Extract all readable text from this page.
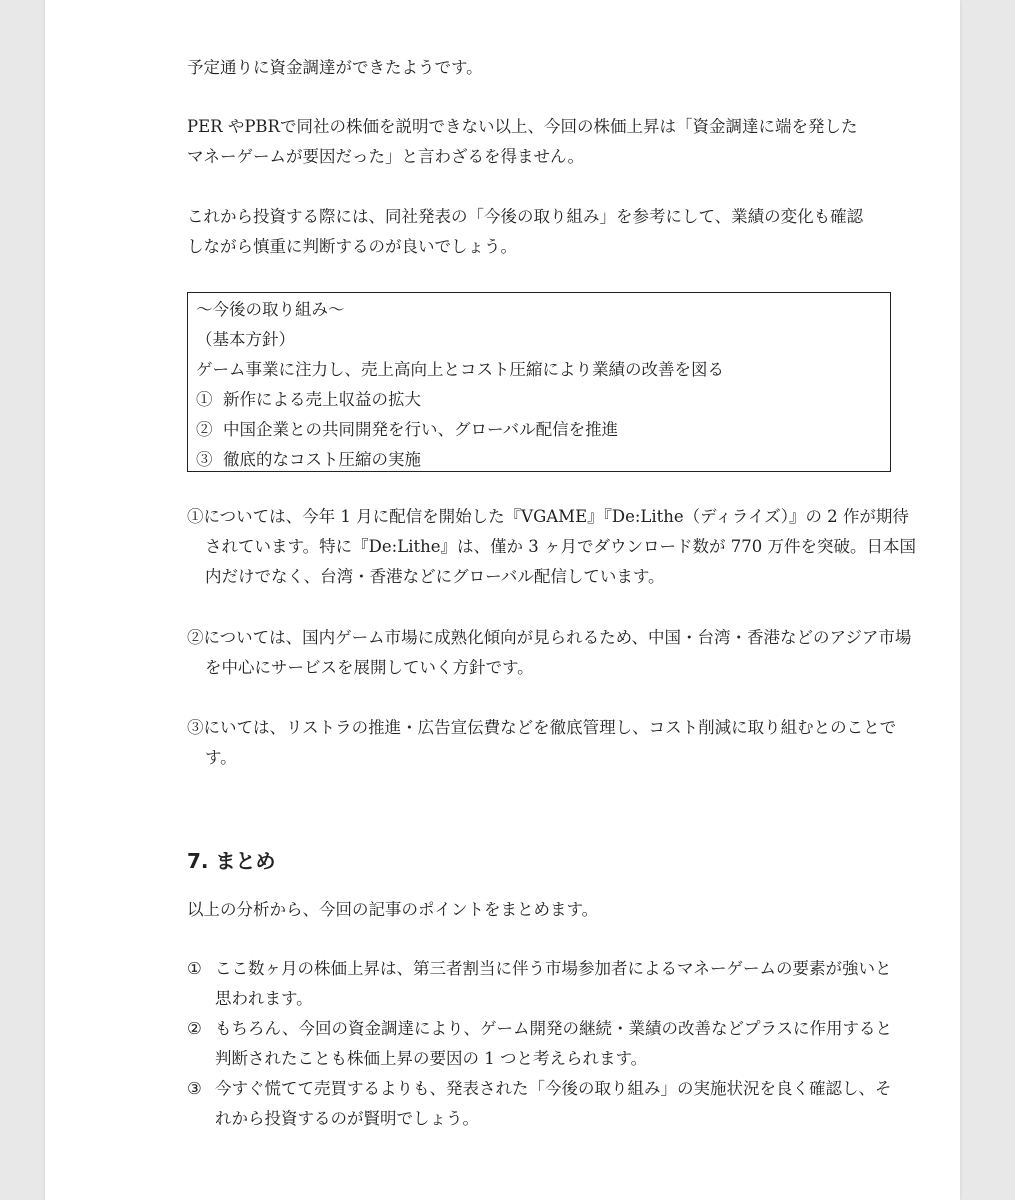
予定通りに資金調達ができたようです。
PER やPBRで同社の株価を説明できない以上、今回の株価上昇は「資金調達に端を発した
マネーゲームが要因だった」と言わざるを得ません。
これから投資する際には、同社発表の「今後の取り組み」を参考にして、業績の変化も確認
しながら慎重に判断するのが良いでしょう。
〜今後の取り組み〜
（基本方針）
ゲーム事業に注力し、売上高向上とコスト圧縮により業績の改善を図る
① 新作による売上収益の拡大
② 中国企業との共同開発を行い、グローバル配信を推進
③ 徹底的なコスト圧縮の実施
①については、今年 1 月に配信を開始した『VGAME』『De:Lithe（ディライズ）』の 2 作が期待されています。特に『De:Lithe』は、僅か 3 ヶ月でダウンロード数が 770 万件を突破。日本国内だけでなく、台湾・香港などにグローバル配信しています。
②については、国内ゲーム市場に成熟化傾向が見られるため、中国・台湾・香港などのアジア市場を中心にサービスを展開していく方針です。
③にいては、リストラの推進・広告宣伝費などを徹底管理し、コスト削減に取り組むとのことです。
7. まとめ
以上の分析から、今回の記事のポイントをまとめます。
① ここ数ヶ月の株価上昇は、第三者割当に伴う市場参加者によるマネーゲームの要素が強いと思われます。
② もちろん、今回の資金調達により、ゲーム開発の継続・業績の改善などプラスに作用すると判断されたことも株価上昇の要因の 1 つと考えられます。
③ 今すぐ慌てて売買するよりも、発表された「今後の取り組み」の実施状況を良く確認し、それから投資するのが賢明でしょう。
